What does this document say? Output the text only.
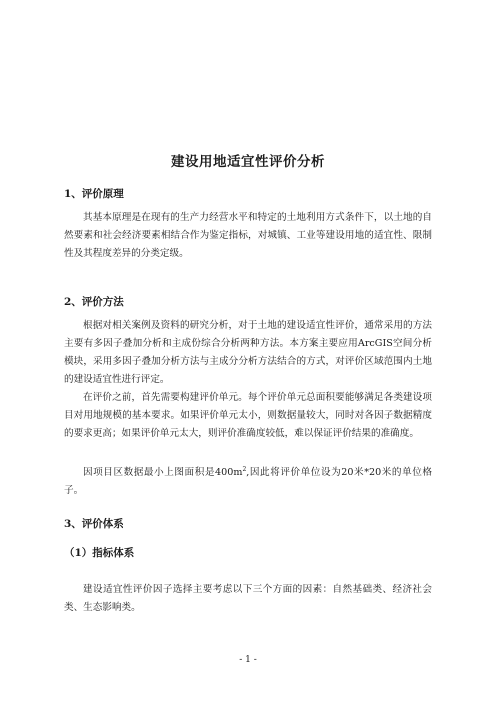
建设用地适宜性评价分析
1、评价原理

其基本原理是在现有的生产力经营水平和特定的土地利用方式条件下，以土地的自然要素和社会经济要素相结合作为鉴定指标，对城镇、工业等建设用地的适宜性、限制性及其程度差异的分类定级。

2、评价方法

根据对相关案例及资料的研究分析，对于土地的建设适宜性评价，通常采用的方法主要有多因子叠加分析和主成份综合分析两种方法。本方案主要应用ArcGIS空间分析模块，采用多因子叠加分析方法与主成分分析方法结合的方式，对评价区域范围内土地的建设适宜性进行评定。

在评价之前，首先需要构建评价单元。每个评价单元总面积要能够满足各类建设项目对用地规模的基本要求。如果评价单元太小，则数据量较大，同时对各因子数据精度的要求更高；如果评价单元太大，则评价准确度较低，难以保证评价结果的准确度。

因项目区数据最小上图面积是$400m^2$,因此将评价单位设为20米*20米的单位格子。

3、评价体系
（1）指标体系

建设适宜性评价因子选择主要考虑以下三个方面的因素：自然基础类、经济社会类、生态影响类。

- 1 -
